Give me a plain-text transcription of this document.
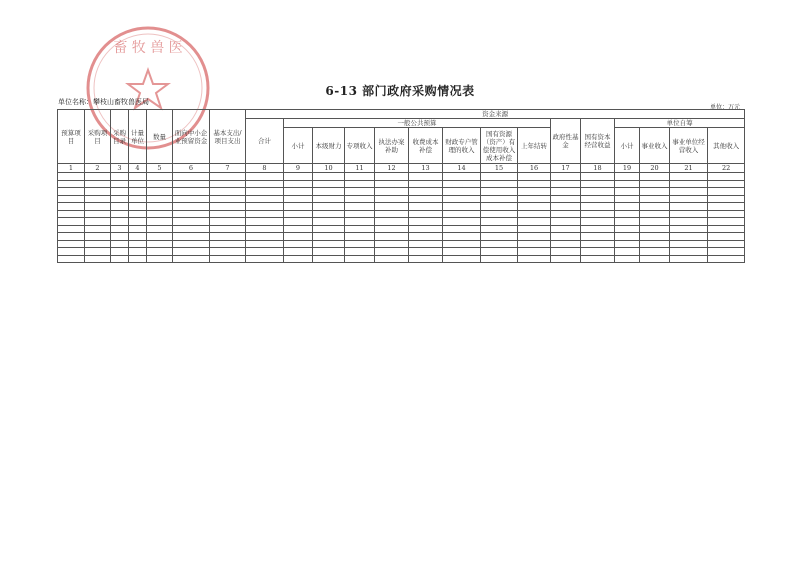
畜 牧 兽 医
6-13 部门政府采购情况表
单位名称：攀枝山畜牧兽医局
单位：万元
预算项目	采购项目	采购目录	计量单位	数量	面向中小企业预留资金	基本支出/项目支出	资金来源														
							合计	一般公共预算								政府性基金	国有资本经营收益	单位自筹			
								小计	本级财力	专项收入	执法办案补助	收费成本补偿	财政专户管理的收入	国有资源（资产）有偿使用收入成本补偿	上年结转			小计	事业收入	事业单位经营收入	其他收入

1	2	3	4	5	6	7	8	9	10	11	12	13	14	15	16	17	18	19	20	21	22
